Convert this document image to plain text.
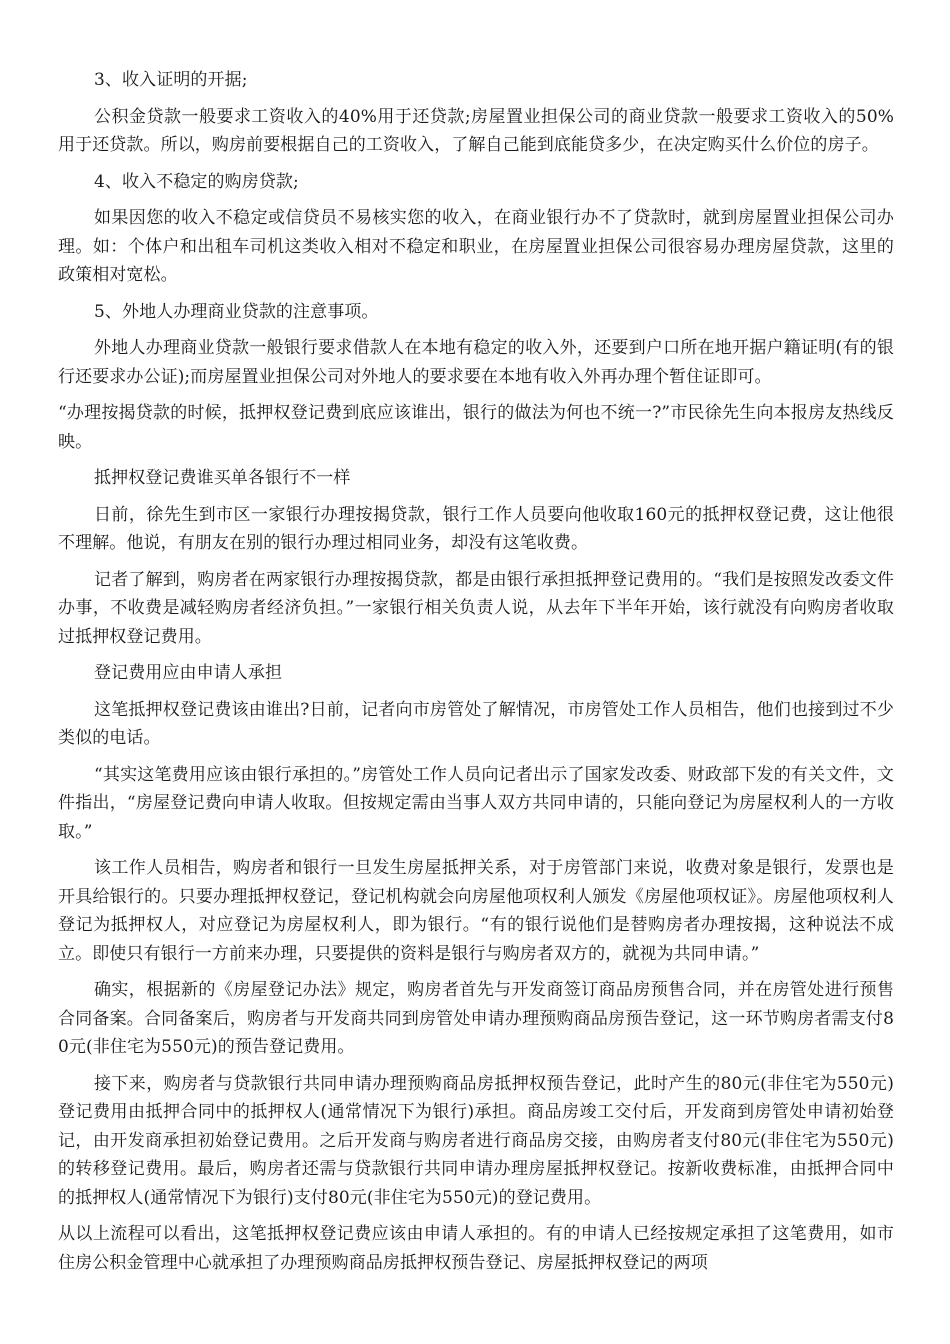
3、收入证明的开据;

公积金贷款一般要求工资收入的40%用于还贷款;房屋置业担保公司的商业贷款一般要求工资收入的50%用于还贷款。所以，购房前要根据自己的工资收入，了解自己能到底能贷多少，在决定购买什么价位的房子。

4、收入不稳定的购房贷款;

如果因您的收入不稳定或信贷员不易核实您的收入，在商业银行办不了贷款时，就到房屋置业担保公司办理。如：个体户和出租车司机这类收入相对不稳定和职业，在房屋置业担保公司很容易办理房屋贷款，这里的政策相对宽松。

5、外地人办理商业贷款的注意事项。

外地人办理商业贷款一般银行要求借款人在本地有稳定的收入外，还要到户口所在地开据户籍证明(有的银行还要求办公证);而房屋置业担保公司对外地人的要求要在本地有收入外再办理个暂住证即可。

“办理按揭贷款的时候，抵押权登记费到底应该谁出，银行的做法为何也不统一?”市民徐先生向本报房友热线反映。

抵押权登记费谁买单各银行不一样

日前，徐先生到市区一家银行办理按揭贷款，银行工作人员要向他收取160元的抵押权登记费，这让他很不理解。他说，有朋友在别的银行办理过相同业务，却没有这笔收费。

记者了解到，购房者在两家银行办理按揭贷款，都是由银行承担抵押登记费用的。“我们是按照发改委文件办事，不收费是减轻购房者经济负担。”一家银行相关负责人说，从去年下半年开始，该行就没有向购房者收取过抵押权登记费用。

登记费用应由申请人承担

这笔抵押权登记费该由谁出?日前，记者向市房管处了解情况，市房管处工作人员相告，他们也接到过不少类似的电话。

“其实这笔费用应该由银行承担的。”房管处工作人员向记者出示了国家发改委、财政部下发的有关文件，文件指出，“房屋登记费向申请人收取。但按规定需由当事人双方共同申请的，只能向登记为房屋权利人的一方收取。”

该工作人员相告，购房者和银行一旦发生房屋抵押关系，对于房管部门来说，收费对象是银行，发票也是开具给银行的。只要办理抵押权登记，登记机构就会向房屋他项权利人颁发《房屋他项权证》。房屋他项权利人登记为抵押权人，对应登记为房屋权利人，即为银行。“有的银行说他们是替购房者办理按揭，这种说法不成立。即使只有银行一方前来办理，只要提供的资料是银行与购房者双方的，就视为共同申请。”

确实，根据新的《房屋登记办法》规定，购房者首先与开发商签订商品房预售合同，并在房管处进行预售合同备案。合同备案后，购房者与开发商共同到房管处申请办理预购商品房预告登记，这一环节购房者需支付80元(非住宅为550元)的预告登记费用。

接下来，购房者与贷款银行共同申请办理预购商品房抵押权预告登记，此时产生的80元(非住宅为550元)登记费用由抵押合同中的抵押权人(通常情况下为银行)承担。商品房竣工交付后，开发商到房管处申请初始登记，由开发商承担初始登记费用。之后开发商与购房者进行商品房交接，由购房者支付80元(非住宅为550元)的转移登记费用。最后，购房者还需与贷款银行共同申请办理房屋抵押权登记。按新收费标准，由抵押合同中的抵押权人(通常情况下为银行)支付80元(非住宅为550元)的登记费用。

从以上流程可以看出，这笔抵押权登记费应该由申请人承担的。有的申请人已经按规定承担了这笔费用，如市住房公积金管理中心就承担了办理预购商品房抵押权预告登记、房屋抵押权登记的两项
